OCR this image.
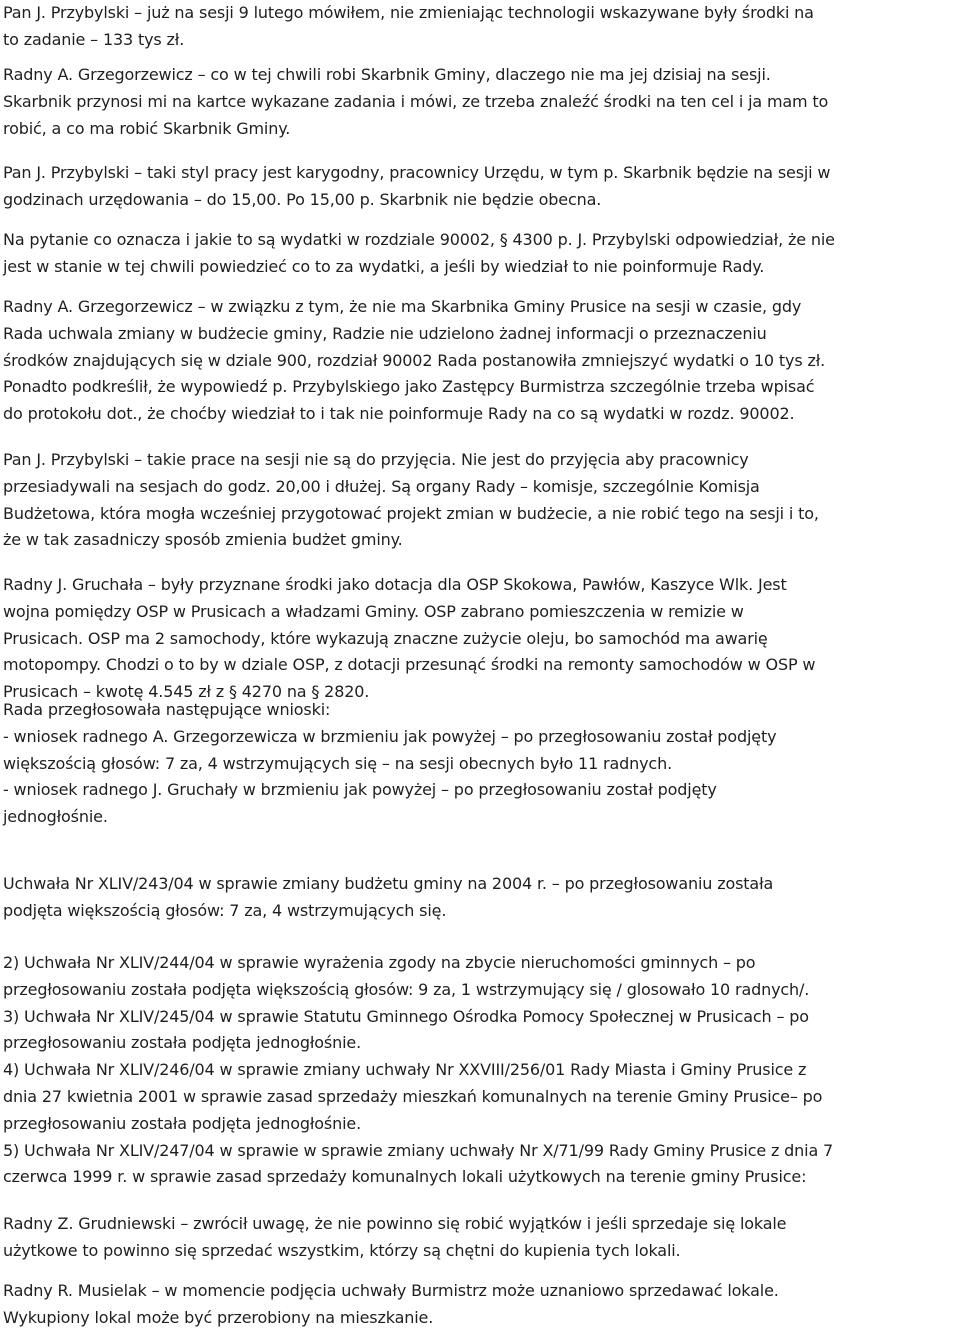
Pan J. Przybylski – już na sesji 9 lutego mówiłem, nie zmieniając technologii wskazywane były środki na
to zadanie – 133 tys zł.
Radny A. Grzegorzewicz – co w tej chwili robi Skarbnik Gminy, dlaczego nie ma jej dzisiaj na sesji.
Skarbnik przynosi mi na kartce wykazane zadania i mówi, ze trzeba znaleźć środki na ten cel i ja mam to
robić, a co ma robić Skarbnik Gminy.
Pan J. Przybylski – taki styl pracy jest karygodny, pracownicy Urzędu, w tym p. Skarbnik będzie na sesji w
godzinach urzędowania – do 15,00. Po 15,00 p. Skarbnik nie będzie obecna.
Na pytanie co oznacza i jakie to są wydatki w rozdziale 90002, § 4300 p. J. Przybylski odpowiedział, że nie
jest w stanie w tej chwili powiedzieć co to za wydatki, a jeśli by wiedział to nie poinformuje Rady.
Radny A. Grzegorzewicz – w związku z tym, że nie ma Skarbnika Gminy Prusice na sesji w czasie, gdy
Rada uchwala zmiany w budżecie gminy, Radzie nie udzielono żadnej informacji o przeznaczeniu
środków znajdujących się w dziale 900, rozdział 90002 Rada postanowiła zmniejszyć wydatki o 10 tys zł.
Ponadto podkreślił, że wypowiedź p. Przybylskiego jako Zastępcy Burmistrza szczególnie trzeba wpisać
do protokołu dot., że choćby wiedział to i tak nie poinformuje Rady na co są wydatki w rozdz. 90002.
Pan J. Przybylski – takie prace na sesji nie są do przyjęcia. Nie jest do przyjęcia aby pracownicy
przesiadywali na sesjach do godz. 20,00 i dłużej. Są organy Rady – komisje, szczególnie Komisja
Budżetowa, która mogła wcześniej przygotować projekt zmian w budżecie, a nie robić tego na sesji i to,
że w tak zasadniczy sposób zmienia budżet gminy.
Radny J. Gruchała – były przyznane środki jako dotacja dla OSP Skokowa, Pawłów, Kaszyce Wlk. Jest
wojna pomiędzy OSP w Prusicach a władzami Gminy. OSP zabrano pomieszczenia w remizie w
Prusicach. OSP ma 2 samochody, które wykazują znaczne zużycie oleju, bo samochód ma awarię
motopompy. Chodzi o to by w dziale OSP, z dotacji przesunąć środki na remonty samochodów w OSP w
Prusicach – kwotę 4.545 zł z § 4270 na § 2820.
Rada przegłosowała następujące wnioski:
- wniosek radnego A. Grzegorzewicza w brzmieniu jak powyżej – po przegłosowaniu został podjęty
większością głosów: 7 za, 4 wstrzymujących się – na sesji obecnych było 11 radnych.
- wniosek radnego J. Gruchały w brzmieniu jak powyżej – po przegłosowaniu został podjęty
jednogłośnie.
Uchwała Nr XLIV/243/04 w sprawie zmiany budżetu gminy na 2004 r. – po przegłosowaniu została
podjęta większością głosów: 7 za, 4 wstrzymujących się.
2) Uchwała Nr XLIV/244/04 w sprawie wyrażenia zgody na zbycie nieruchomości gminnych – po
przegłosowaniu została podjęta większością głosów: 9 za, 1 wstrzymujący się / glosowało 10 radnych/.
3) Uchwała Nr XLIV/245/04 w sprawie Statutu Gminnego Ośrodka Pomocy Społecznej w Prusicach – po
przegłosowaniu została podjęta jednogłośnie.
4) Uchwała Nr XLIV/246/04 w sprawie zmiany uchwały Nr XXVIII/256/01 Rady Miasta i Gminy Prusice z
dnia 27 kwietnia 2001 w sprawie zasad sprzedaży mieszkań komunalnych na terenie Gminy Prusice– po
przegłosowaniu została podjęta jednogłośnie.
5) Uchwała Nr XLIV/247/04 w sprawie w sprawie zmiany uchwały Nr X/71/99 Rady Gminy Prusice z dnia 7
czerwca 1999 r. w sprawie zasad sprzedaży komunalnych lokali użytkowych na terenie gminy Prusice:
Radny Z. Grudniewski – zwrócił uwagę, że nie powinno się robić wyjątków i jeśli sprzedaje się lokale
użytkowe to powinno się sprzedać wszystkim, którzy są chętni do kupienia tych lokali.
Radny R. Musielak – w momencie podjęcia uchwały Burmistrz może uznaniowo sprzedawać lokale.
Wykupiony lokal może być przerobiony na mieszkanie.
